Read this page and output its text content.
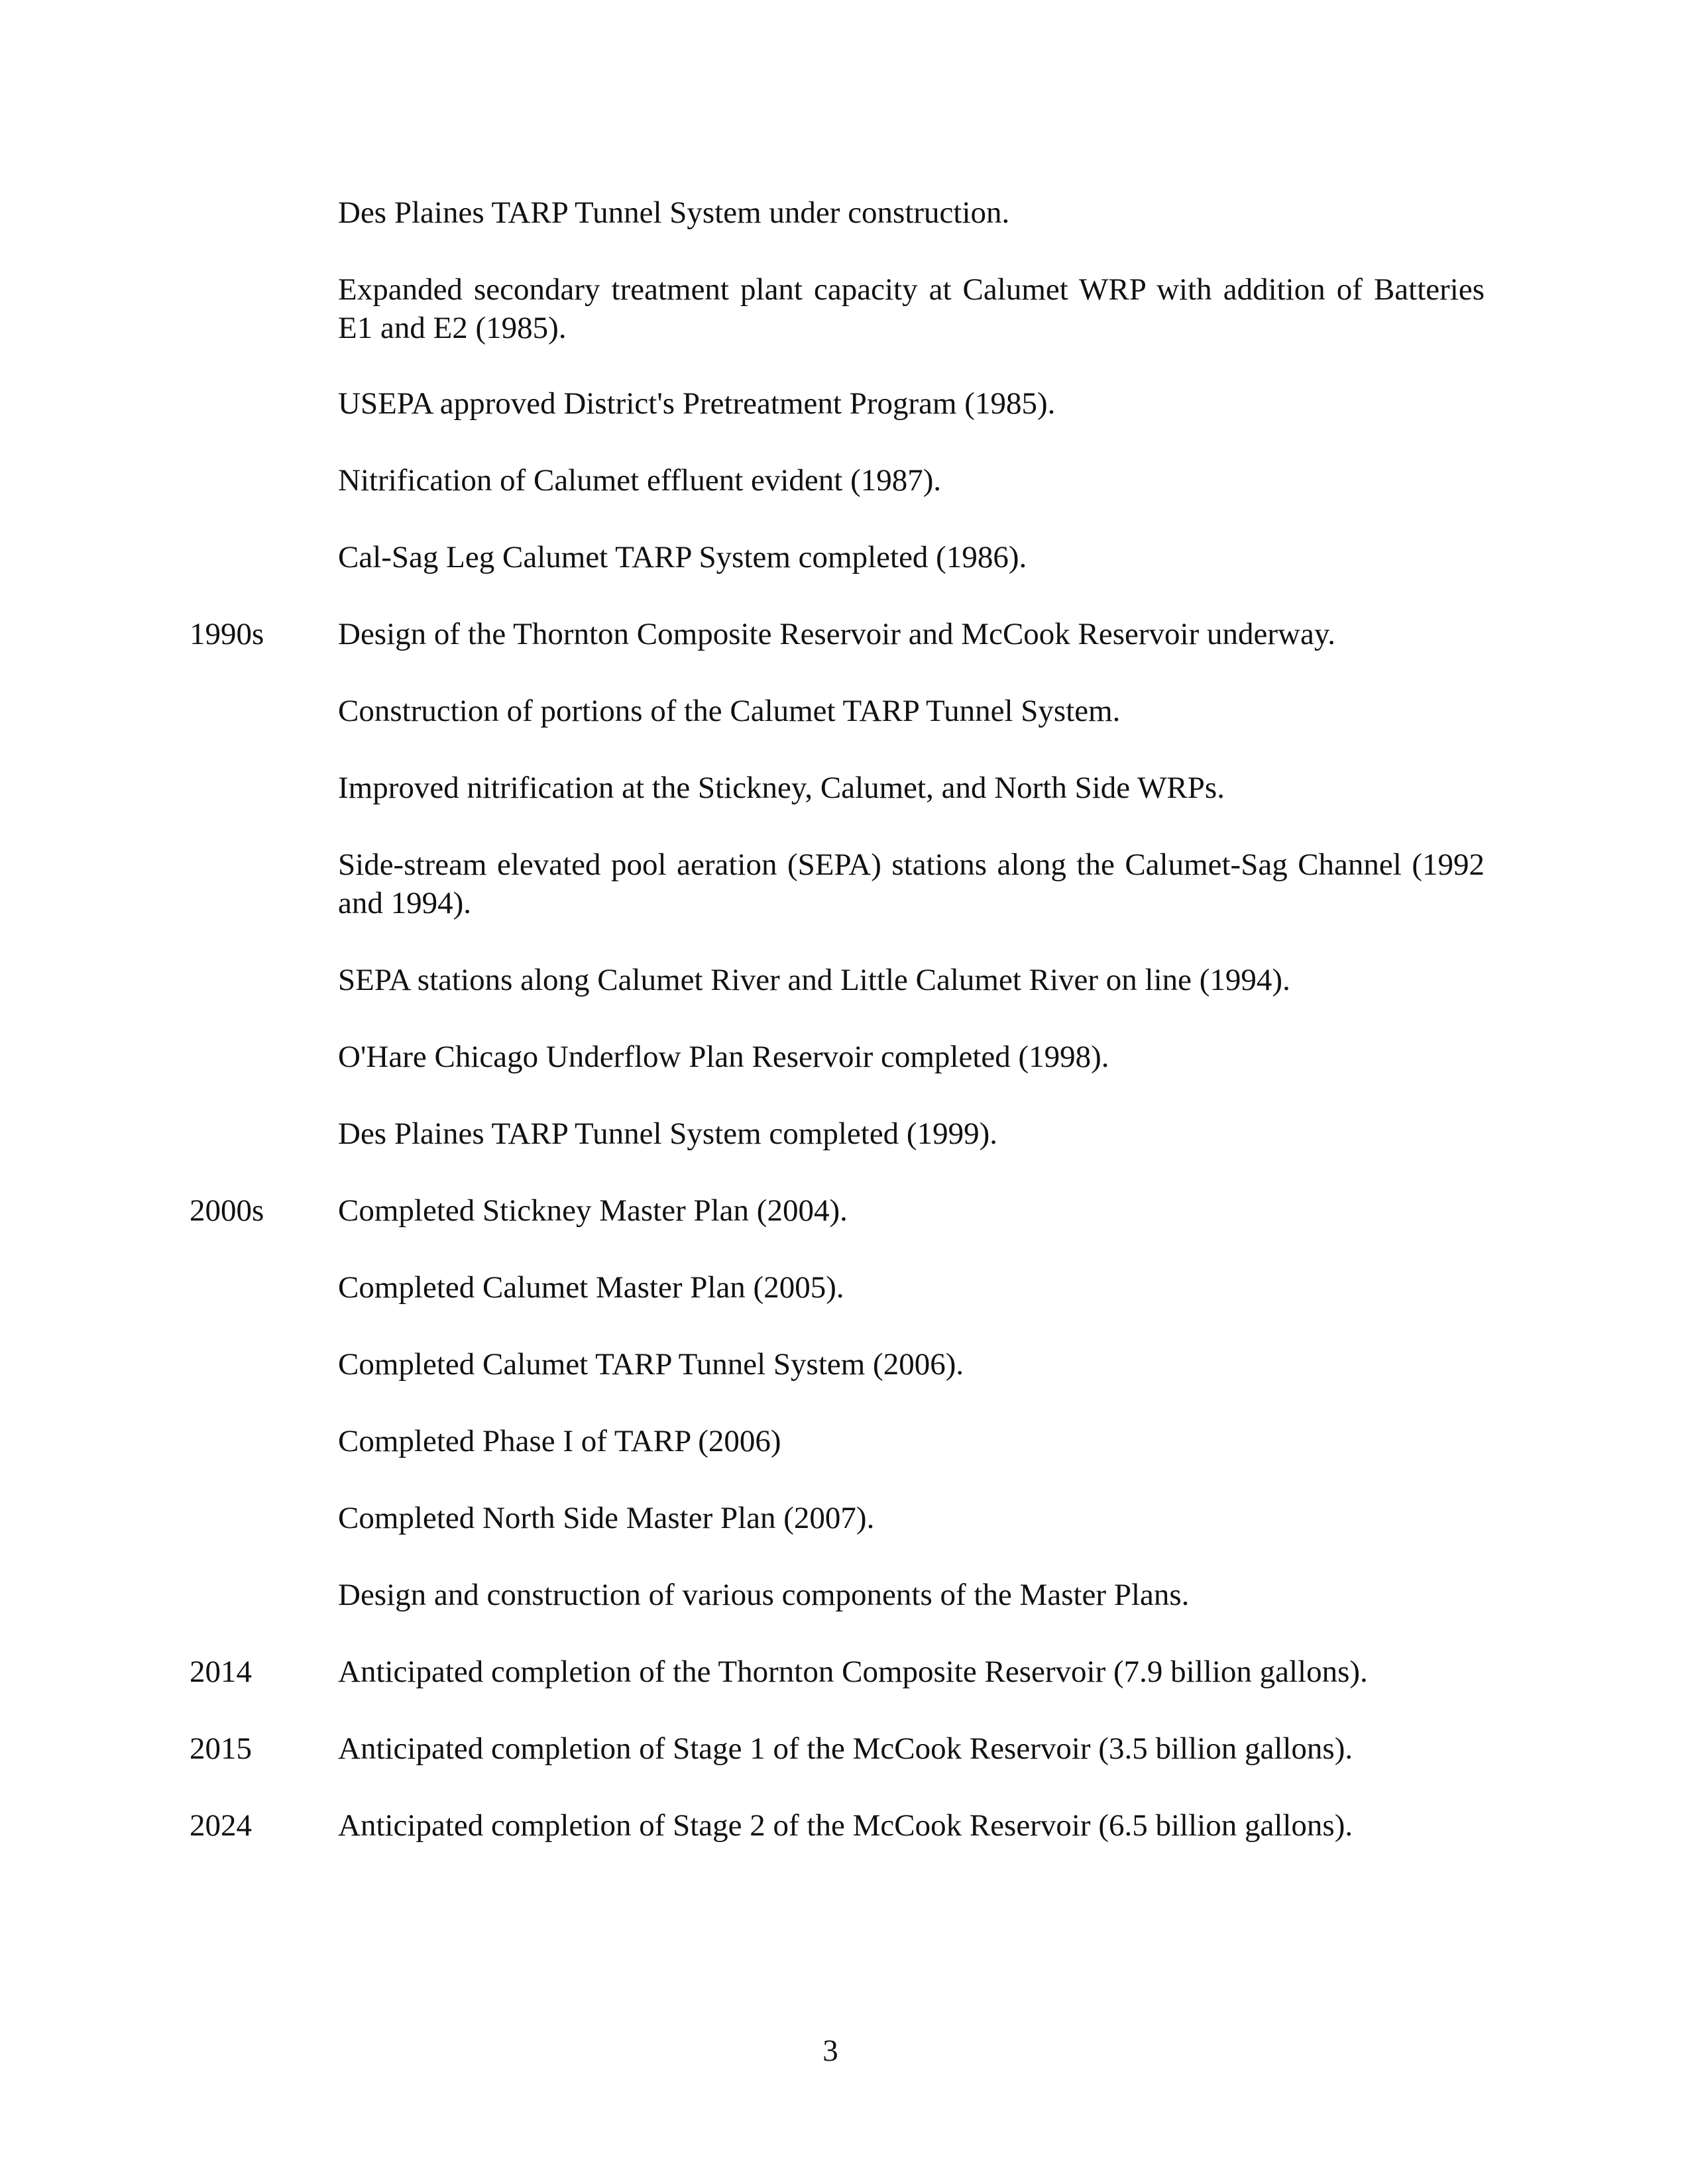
Des Plaines TARP Tunnel System under construction.
Expanded secondary treatment plant capacity at Calumet WRP with addition of Batteries E1 and E2 (1985).
USEPA approved District's Pretreatment Program (1985).
Nitrification of Calumet effluent evident (1987).
Cal-Sag Leg Calumet TARP System completed (1986).
1990s Design of the Thornton Composite Reservoir and McCook Reservoir underway.
Construction of portions of the Calumet TARP Tunnel System.
Improved nitrification at the Stickney, Calumet, and North Side WRPs.
Side-stream elevated pool aeration (SEPA) stations along the Calumet-Sag Channel (1992 and 1994).
SEPA stations along Calumet River and Little Calumet River on line (1994).
O'Hare Chicago Underflow Plan Reservoir completed (1998).
Des Plaines TARP Tunnel System completed (1999).
2000s Completed Stickney Master Plan (2004).
Completed Calumet Master Plan (2005).
Completed Calumet TARP Tunnel System (2006).
Completed Phase I of TARP (2006)
Completed North Side Master Plan (2007).
Design and construction of various components of the Master Plans.
2014	Anticipated completion of the Thornton Composite Reservoir (7.9 billion gallons).
2015	Anticipated completion of Stage 1 of the McCook Reservoir (3.5 billion gallons).
2024	Anticipated completion of Stage 2 of the McCook Reservoir (6.5 billion gallons).
3
